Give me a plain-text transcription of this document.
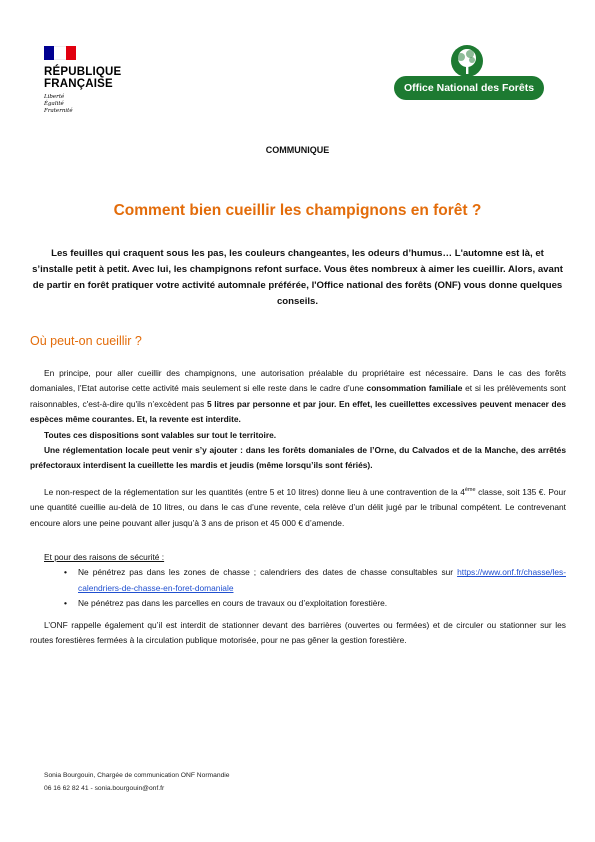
RÉPUBLIQUE
FRANÇAISE
Liberté
Égalité
Fraternité
Office National des Forêts
COMMUNIQUE
Comment bien cueillir les champignons en forêt ?
Les feuilles qui craquent sous les pas, les couleurs changeantes, les odeurs d’humus… L'automne est là, et s’installe petit à petit. Avec lui, les champignons refont surface. Vous êtes nombreux à aimer les cueillir. Alors, avant de partir en forêt pratiquer votre activité automnale préférée, l'Office national des forêts (ONF) vous donne quelques conseils.
Où peut-on cueillir ?
En principe, pour aller cueillir des champignons, une autorisation préalable du propriétaire est nécessaire. Dans le cas des forêts domaniales, l’Etat autorise cette activité mais seulement si elle reste dans le cadre d’une consommation familiale et si les prélèvements sont raisonnables, c'est-à-dire qu'ils n’excèdent pas 5 litres par personne et par jour. En effet, les cueillettes excessives peuvent menacer des espèces même courantes. Et, la revente est interdite.
Toutes ces dispositions sont valables sur tout le territoire.
Une réglementation locale peut venir s’y ajouter : dans les forêts domaniales de l’Orne, du Calvados et de la Manche, des arrêtés préfectoraux interdisent la cueillette les mardis et jeudis (même lorsqu’ils sont fériés).
Le non-respect de la réglementation sur les quantités (entre 5 et 10 litres) donne lieu à une contravention de la 4ème classe, soit 135 €. Pour une quantité cueillie au-delà de 10 litres, ou dans le cas d’une revente, cela relève d’un délit jugé par le tribunal compétent. Le contrevenant encoure alors une peine pouvant aller jusqu’à 3 ans de prison et 45 000 € d’amende.
Et pour des raisons de sécurité :
• Ne pénétrez pas dans les zones de chasse ; calendriers des dates de chasse consultables sur https://www.onf.fr/chasse/les-calendriers-de-chasse-en-foret-domaniale
• Ne pénétrez pas dans les parcelles en cours de travaux ou d’exploitation forestière.
L’ONF rappelle également qu’il est interdit de stationner devant des barrières (ouvertes ou fermées) et de circuler ou stationner sur les routes forestières fermées à la circulation publique motorisée, pour ne pas gêner la gestion forestière.
Sonia Bourgouin, Chargée de communication ONF Normandie
06 16 62 82 41 - sonia.bourgouin@onf.fr
